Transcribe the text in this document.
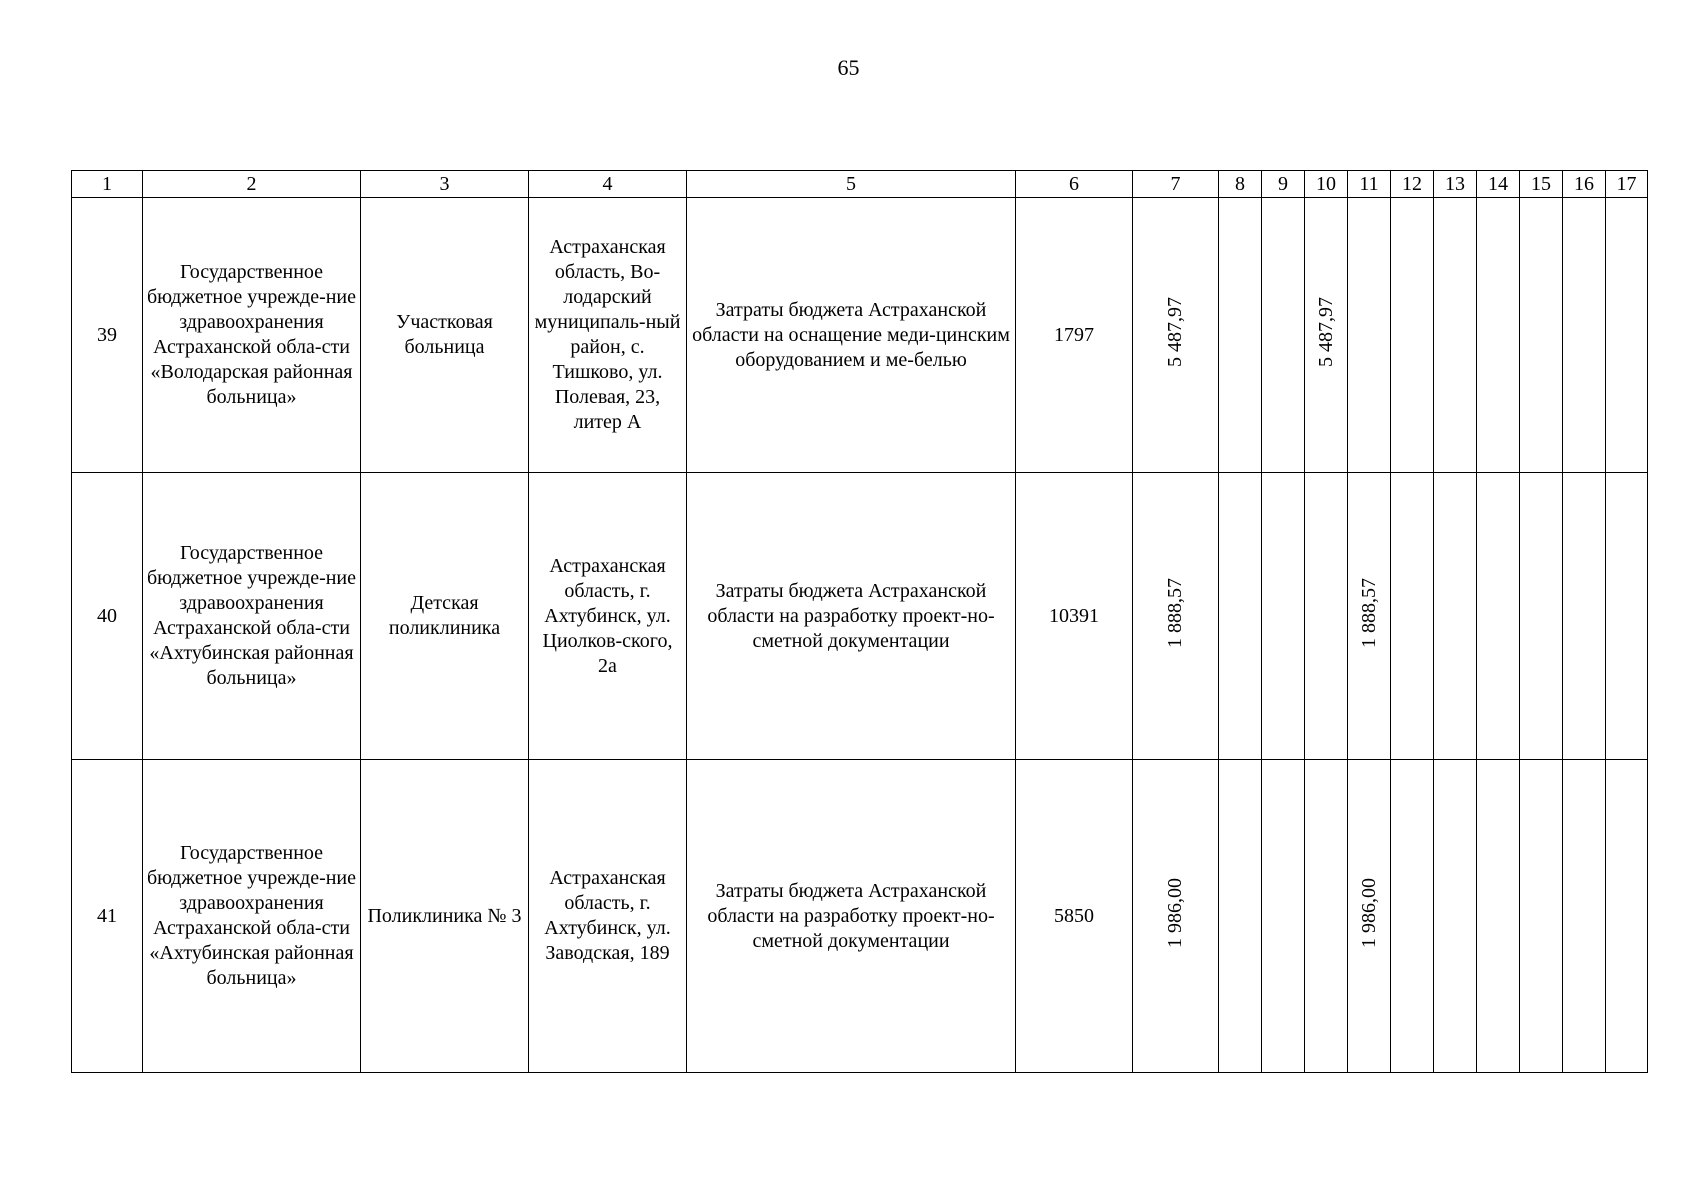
65
1	2	3	4	5	6	7	8	9	10	11	12	13	14	15	16	17
39	Государственное бюджетное учрежде-ние здравоохранения Астраханской обла-сти «Володарская районная больница»	Участковая больница	Астраханская область, Во-лодарский муниципаль-ный район, с. Тишково, ул. Полевая, 23, литер А	Затраты бюджета Астраханской области на оснащение меди-цинским оборудованием и ме-белью	1797	5 487,97			5 487,97							
40	Государственное бюджетное учрежде-ние здравоохранения Астраханской обла-сти «Ахтубинская районная больница»	Детская поликлиника	Астраханская область, г. Ахтубинск, ул. Циолков-ского, 2а	Затраты бюджета Астраханской области на разработку проект-но-сметной документации	10391	1 888,57				1 888,57						
41	Государственное бюджетное учрежде-ние здравоохранения Астраханской обла-сти «Ахтубинская районная больница»	Поликлиника № 3	Астраханская область, г. Ахтубинск, ул. Заводская, 189	Затраты бюджета Астраханской области на разработку проект-но-сметной документации	5850	1 986,00				1 986,00						
